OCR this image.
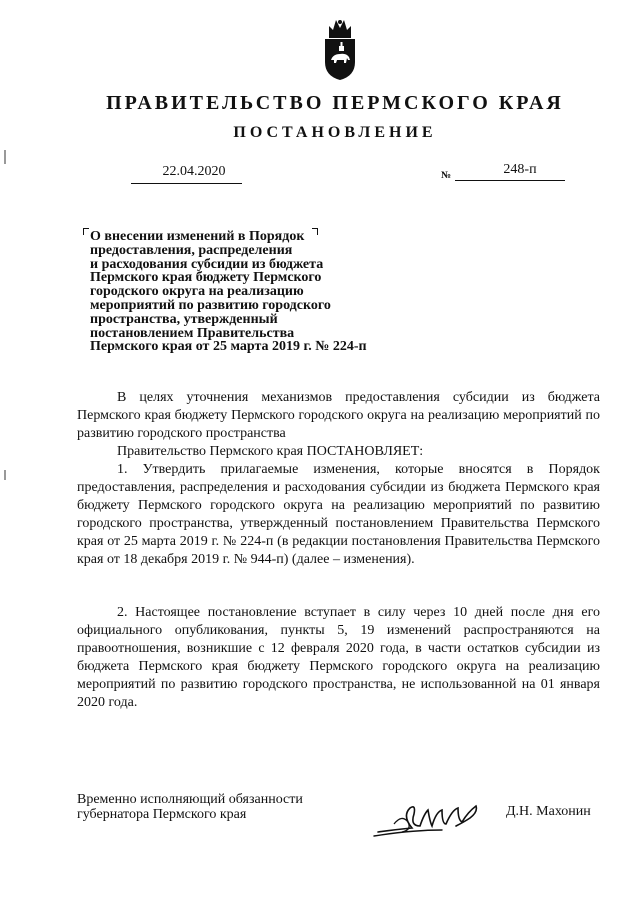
ПРАВИТЕЛЬСТВО ПЕРМСКОГО КРАЯ
ПОСТАНОВЛЕНИЕ
22.04.2020	№	248-п
О внесении изменений в Порядок
предоставления, распределения
и расходования субсидии из бюджета
Пермского края бюджету Пермского
городского округа на реализацию
мероприятий по развитию городского
пространства, утвержденный
постановлением Правительства
Пермского края от 25 марта 2019 г. № 224-п

В целях уточнения механизмов предоставления субсидии из бюджета Пермского края бюджету Пермского городского округа на реализацию мероприятий по развитию городского пространства

Правительство Пермского края ПОСТАНОВЛЯЕТ:

1. Утвердить прилагаемые изменения, которые вносятся в Порядок предоставления, распределения и расходования субсидии из бюджета Пермского края бюджету Пермского городского округа на реализацию мероприятий по развитию городского пространства, утвержденный постановлением Правительства Пермского края от 25 марта 2019 г. № 224-п (в редакции постановления Правительства Пермского края от 18 декабря 2019 г. № 944-п) (далее – изменения).

2. Настоящее постановление вступает в силу через 10 дней после дня его официального опубликования, пункты 5, 19 изменений распространяются на правоотношения, возникшие с 12 февраля 2020 года, в части остатков субсидии из бюджета Пермского края бюджету Пермского городского округа на реализацию мероприятий по развитию городского пространства, не использованной на 01 января 2020 года.

Временно исполняющий обязанности
губернатора Пермского края	Д.Н. Махонин
